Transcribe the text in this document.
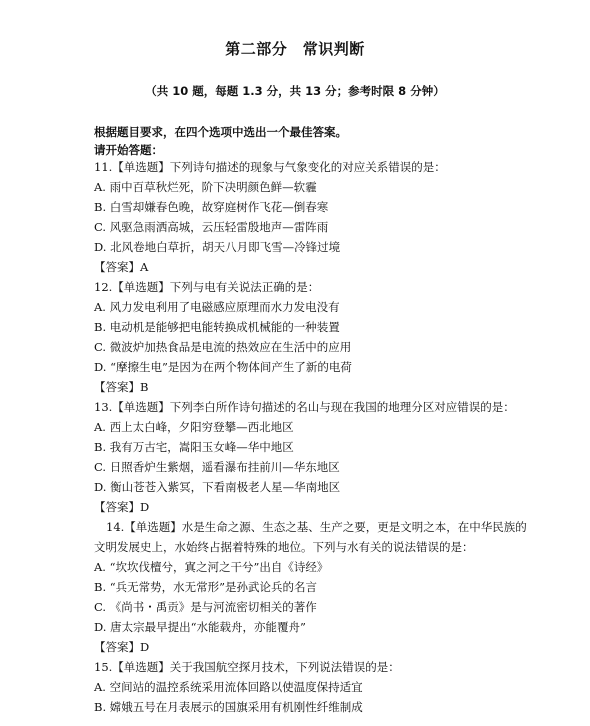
第二部分　常识判断
（共 10 题，每题 1.3 分，共 13 分；参考时限 8 分钟）
根据题目要求，在四个选项中选出一个最佳答案。
请开始答题：
11.【单选题】下列诗句描述的现象与气象变化的对应关系错误的是：
A. 雨中百草秋烂死，阶下决明颜色鲜—软霾
B. 白雪却嫌春色晚，故穿庭树作飞花—倒春寒
C. 风驱急雨洒高城，云压轻雷殷地声—雷阵雨
D. 北风卷地白草折，胡天八月即飞雪—冷锋过境
【答案】A
12.【单选题】下列与电有关说法正确的是：
A. 风力发电利用了电磁感应原理而水力发电没有
B. 电动机是能够把电能转换成机械能的一种装置
C. 微波炉加热食品是电流的热效应在生活中的应用
D. “摩擦生电”是因为在两个物体间产生了新的电荷
【答案】B
13.【单选题】下列李白所作诗句描述的名山与现在我国的地理分区对应错误的是：
A. 西上太白峰，夕阳穷登攀—西北地区
B. 我有万古宅，嵩阳玉女峰—华中地区
C. 日照香炉生紫烟，遥看瀑布挂前川—华东地区
D. 衡山苍苍入紫冥，下看南极老人星—华南地区
【答案】D
14.【单选题】水是生命之源、生态之基、生产之要，更是文明之本，在中华民族的
文明发展史上，水始终占据着特殊的地位。下列与水有关的说法错误的是：
A. “坎坎伐檀兮，寘之河之干兮”出自《诗经》
B. “兵无常势，水无常形”是孙武论兵的名言
C. 《尚书・禹贡》是与河流密切相关的著作
D. 唐太宗最早提出“水能载舟，亦能覆舟”
【答案】D
15.【单选题】关于我国航空探月技术，下列说法错误的是：
A. 空间站的温控系统采用流体回路以使温度保持适宜
B. 嫦娥五号在月表展示的国旗采用有机刚性纤维制成
